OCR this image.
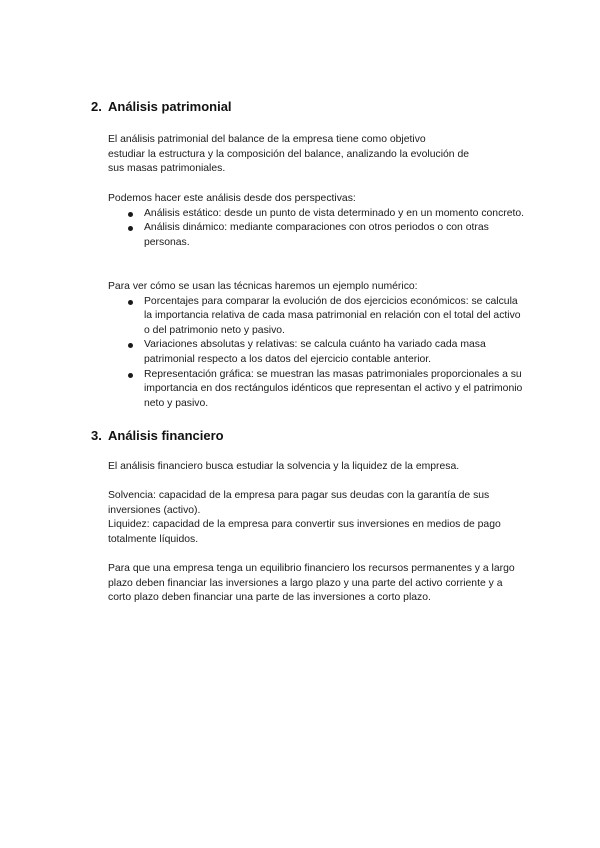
2. Análisis patrimonial

El análisis patrimonial del balance de la empresa tiene como objetivo

estudiar la estructura y la composición del balance, analizando la evolución de

sus masas patrimoniales.

Podemos hacer este análisis desde dos perspectivas:

Análisis estático: desde un punto de vista determinado y en un momento concreto.
Análisis dinámico: mediante comparaciones con otros periodos o con otras personas.

Para ver cómo se usan las técnicas haremos un ejemplo numérico:

Porcentajes para comparar la evolución de dos ejercicios económicos: se calcula la importancia relativa de cada masa patrimonial en relación con el total del activo o del patrimonio neto y pasivo.
Variaciones absolutas y relativas: se calcula cuánto ha variado cada masa patrimonial respecto a los datos del ejercicio contable anterior.
Representación gráfica: se muestran las masas patrimoniales proporcionales a su importancia en dos rectángulos idénticos que representan el activo y el patrimonio neto y pasivo.
3. Análisis financiero

El análisis financiero busca estudiar la solvencia y la liquidez de la empresa.

Solvencia: capacidad de la empresa para pagar sus deudas con la garantía de sus inversiones (activo).

Liquidez: capacidad de la empresa para convertir sus inversiones en medios de pago totalmente líquidos.

Para que una empresa tenga un equilibrio financiero los recursos permanentes y a largo plazo deben financiar las inversiones a largo plazo y una parte del activo corriente y a corto plazo deben financiar una parte de las inversiones a corto plazo.
